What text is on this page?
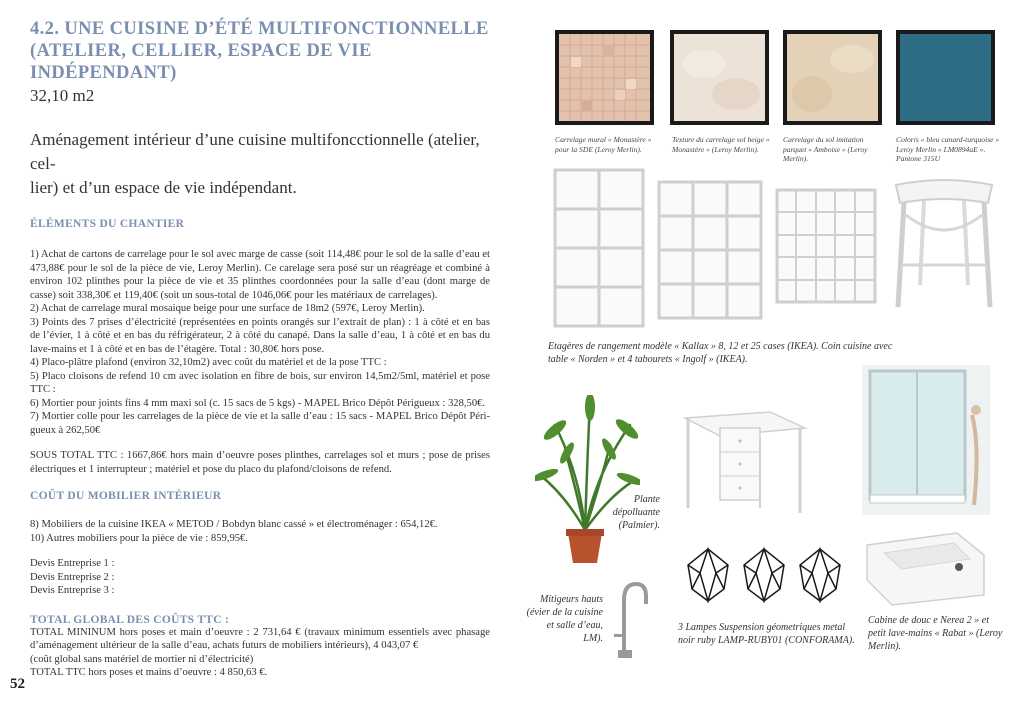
4.2. UNE CUISINE D’ÉTÉ MULTIFONCTIONNELLE
(ATELIER, CELLIER, ESPACE DE VIE INDÉPENDANT)
32,10 m2
Aménagement intérieur d’une cuisine multifoncctionnelle (atelier, cel-
lier) et d’un espace de vie indépendant.
ÉLÉMENTS DU CHANTIER

1) Achat de cartons de carrelage pour le sol avec marge de casse (soit 114,48€ pour le sol de la salle d’eau et 473,88€ pour le sol de la pièce de vie, Leroy Merlin). Ce carelage sera posé sur un réagréage et combiné à environ 102 plinthes pour la pièce de vie et 35 plinthes coordonnées pour la salle d’eau (dont marge de casse) soit 338,30€ et 119,40€ (soit un sous-total de 1046,06€ pour les matériaux de carrelages).

2) Achat de carrelage mural mosaique beige pour une surface de 18m2 (597€, Leroy Merlin).

3) Points des 7 prises d’électricité (représentées en points orangés sur l’extrait de plan) : 1 à côté et en bas de l’évier, 1 à côté et en bas du réfrigérateur, 2 à côté du canapé. Dans la salle d’eau, 1 à côté et en bas du lave-mains et 1 à côté et en bas de l’étagère. Total : 30,80€ hors pose.

4) Placo-plâtre plafond (environ 32,10m2) avec coût du matériel et de la pose TTC :

5) Placo cloisons de refend 10 cm avec isolation en fibre de bois, sur environ 14,5m2/5ml, matériel et pose TTC :

6) Mortier pour joints fins 4 mm maxi sol (c. 15 sacs de 5 kgs) - MAPEL Brico Dépôt Périgueux : 328,50€.

7) Mortier colle pour les carrelages de la pièce de vie et la salle d’eau : 15 sacs - MAPEL Brico Dépôt Péri-gueux à 262,50€

SOUS TOTAL TTC : 1667,86€ hors main d’oeuvre poses plinthes, carrelages sol et murs ; pose de prises électriques et 1 interrupteur ; matériel et pose du placo du plafond/cloisons de refend.
COÛT DU MOBILIER INTÉRIEUR

8) Mobiliers de la cuisine IKEA « METOD / Bobdyn blanc cassé » et électroménager : 654,12€.

10) Autres mobiliers pour la pièce de vie : 859,95€.

Devis Entreprise 1 :

Devis Entreprise 2 :

Devis Entreprise 3 :

TOTAL GLOBAL DES COÛTS TTC :

TOTAL MININUM hors poses et main d’oeuvre : 2 731,64 € (travaux minimum essentiels avec phasage d’aménagement ultérieur de la salle d’eau, achats futurs de mobiliers intérieurs), 4 043,07 €

(coût global sans matériel de mortier ni d’électricité)

TOTAL TTC hors poses et mains d’oeuvre : 4 850,63 €.

52
Carrelage mural « Monastère » pour la SDE (Leroy Merlin).
Texture du carrelage sol beige « Monastère » (Leroy Merlin).
Carrelage du sol imitation parquet « Amboise » (Leroy Merlin).
Coloris « bleu canard-turquoise » Leroy Merlin « LM0894aE ». Pantone 315U
Etagères de rangement modèle « Kallax » 8, 12 et 25 cases (IKEA). Coin cuisine avec table « Norden » et 4 tabourets « Ingolf » (IKEA).
Cabine de douc e Nerea 2 » et petit lave-mains « Rabat » (Leroy Merlin).
Plante dépolluante (Palmier).
Mitigeurs hauts (évier de la cuisine et salle d’eau, LM).
3 Lampes Suspension géometriques metal noir ruby LAMP-RUBY01 (CONFORAMA).
